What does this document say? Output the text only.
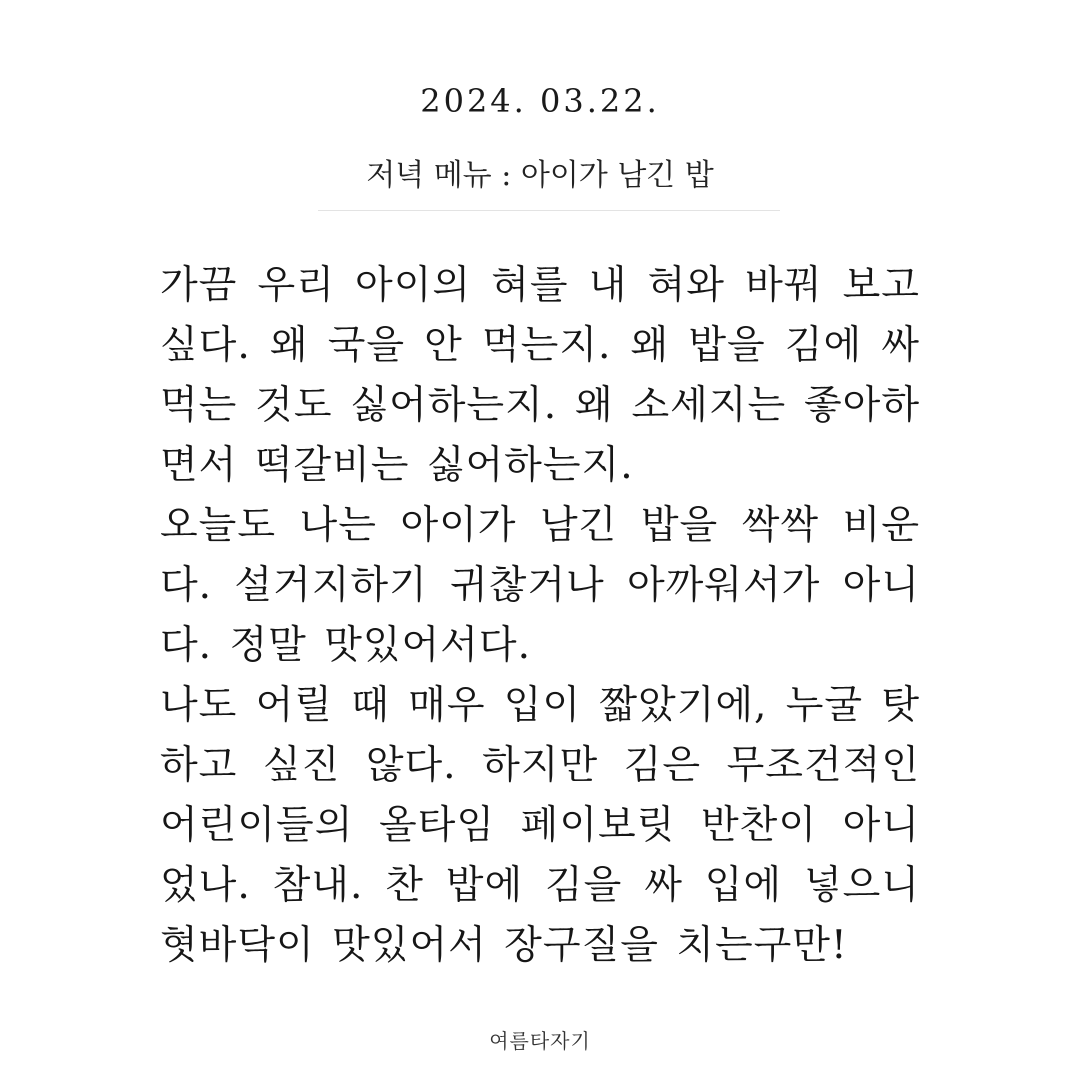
2024. 03.22.
저녁 메뉴 : 아이가 남긴 밥

가끔 우리 아이의 혀를 내 혀와 바꿔 보고 싶다. 왜 국을 안 먹는지. 왜 밥을 김에 싸 먹는 것도 싫어하는지. 왜 소세지는 좋아하면서 떡갈비는 싫어하는지.

오늘도 나는 아이가 남긴 밥을 싹싹 비운다. 설거지하기 귀찮거나 아까워서가 아니다. 정말 맛있어서다.

나도 어릴 때 매우 입이 짧았기에, 누굴 탓하고 싶진 않다. 하지만 김은 무조건적인 어린이들의 올타임 페이보릿 반찬이 아니었나. 참내. 찬 밥에 김을 싸 입에 넣으니 혓바닥이 맛있어서 장구질을 치는구만!

여름타자기
